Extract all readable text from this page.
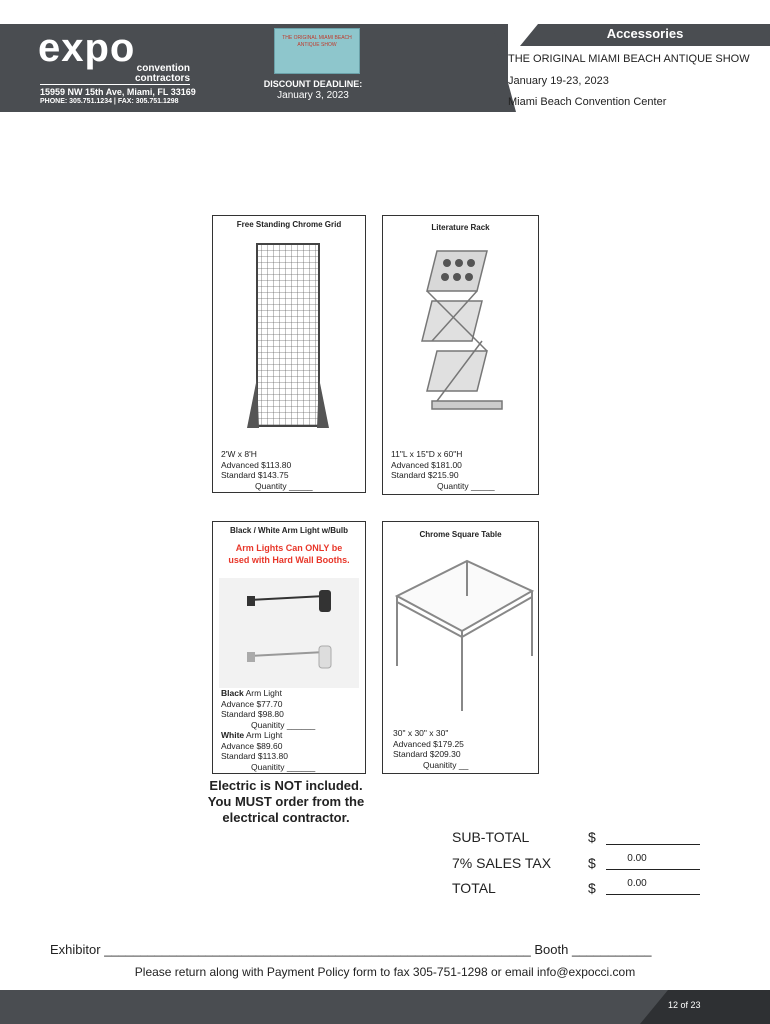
Accessories
expo convention
contractors
15959 NW 15th Ave, Miami, FL 33169
PHONE: 305.751.1234 | FAX: 305.751.1298
THE ORIGINAL MIAMI BEACH ANTIQUE SHOW
DISCOUNT DEADLINE:
January 3, 2023
THE ORIGINAL MIAMI BEACH ANTIQUE SHOW
January 19-23, 2023
Miami Beach Convention Center
Free Standing Chrome Grid
2'W x 8'H
Advanced $113.80
Standard $143.75
Quantity _____
Literature Rack
11"L x 15"D x 60"H
Advanced $181.00
Standard $215.90
Quantity _____
Black / White Arm Light w/Bulb
Arm Lights Can ONLY be
used with Hard Wall Booths.
Black Arm Light
Advance $77.70
Standard $98.80
Quanitity ______
White Arm Light
Advance $89.60
Standard $113.80
Quanitity ______
Chrome Square Table
30" x 30" x 30"
Advanced $179.25
Standard $209.30
Quanitity __
Electric is NOT included.
You MUST order from the
electrical contractor.
SUB-TOTAL	$
7% SALES TAX	$	0.00
TOTAL	$	0.00
Exhibitor ___________________________________________________________ Booth ___________
Please return along with Payment Policy form to fax 305-751-1298 or email info@expocci.com
12 of 23
